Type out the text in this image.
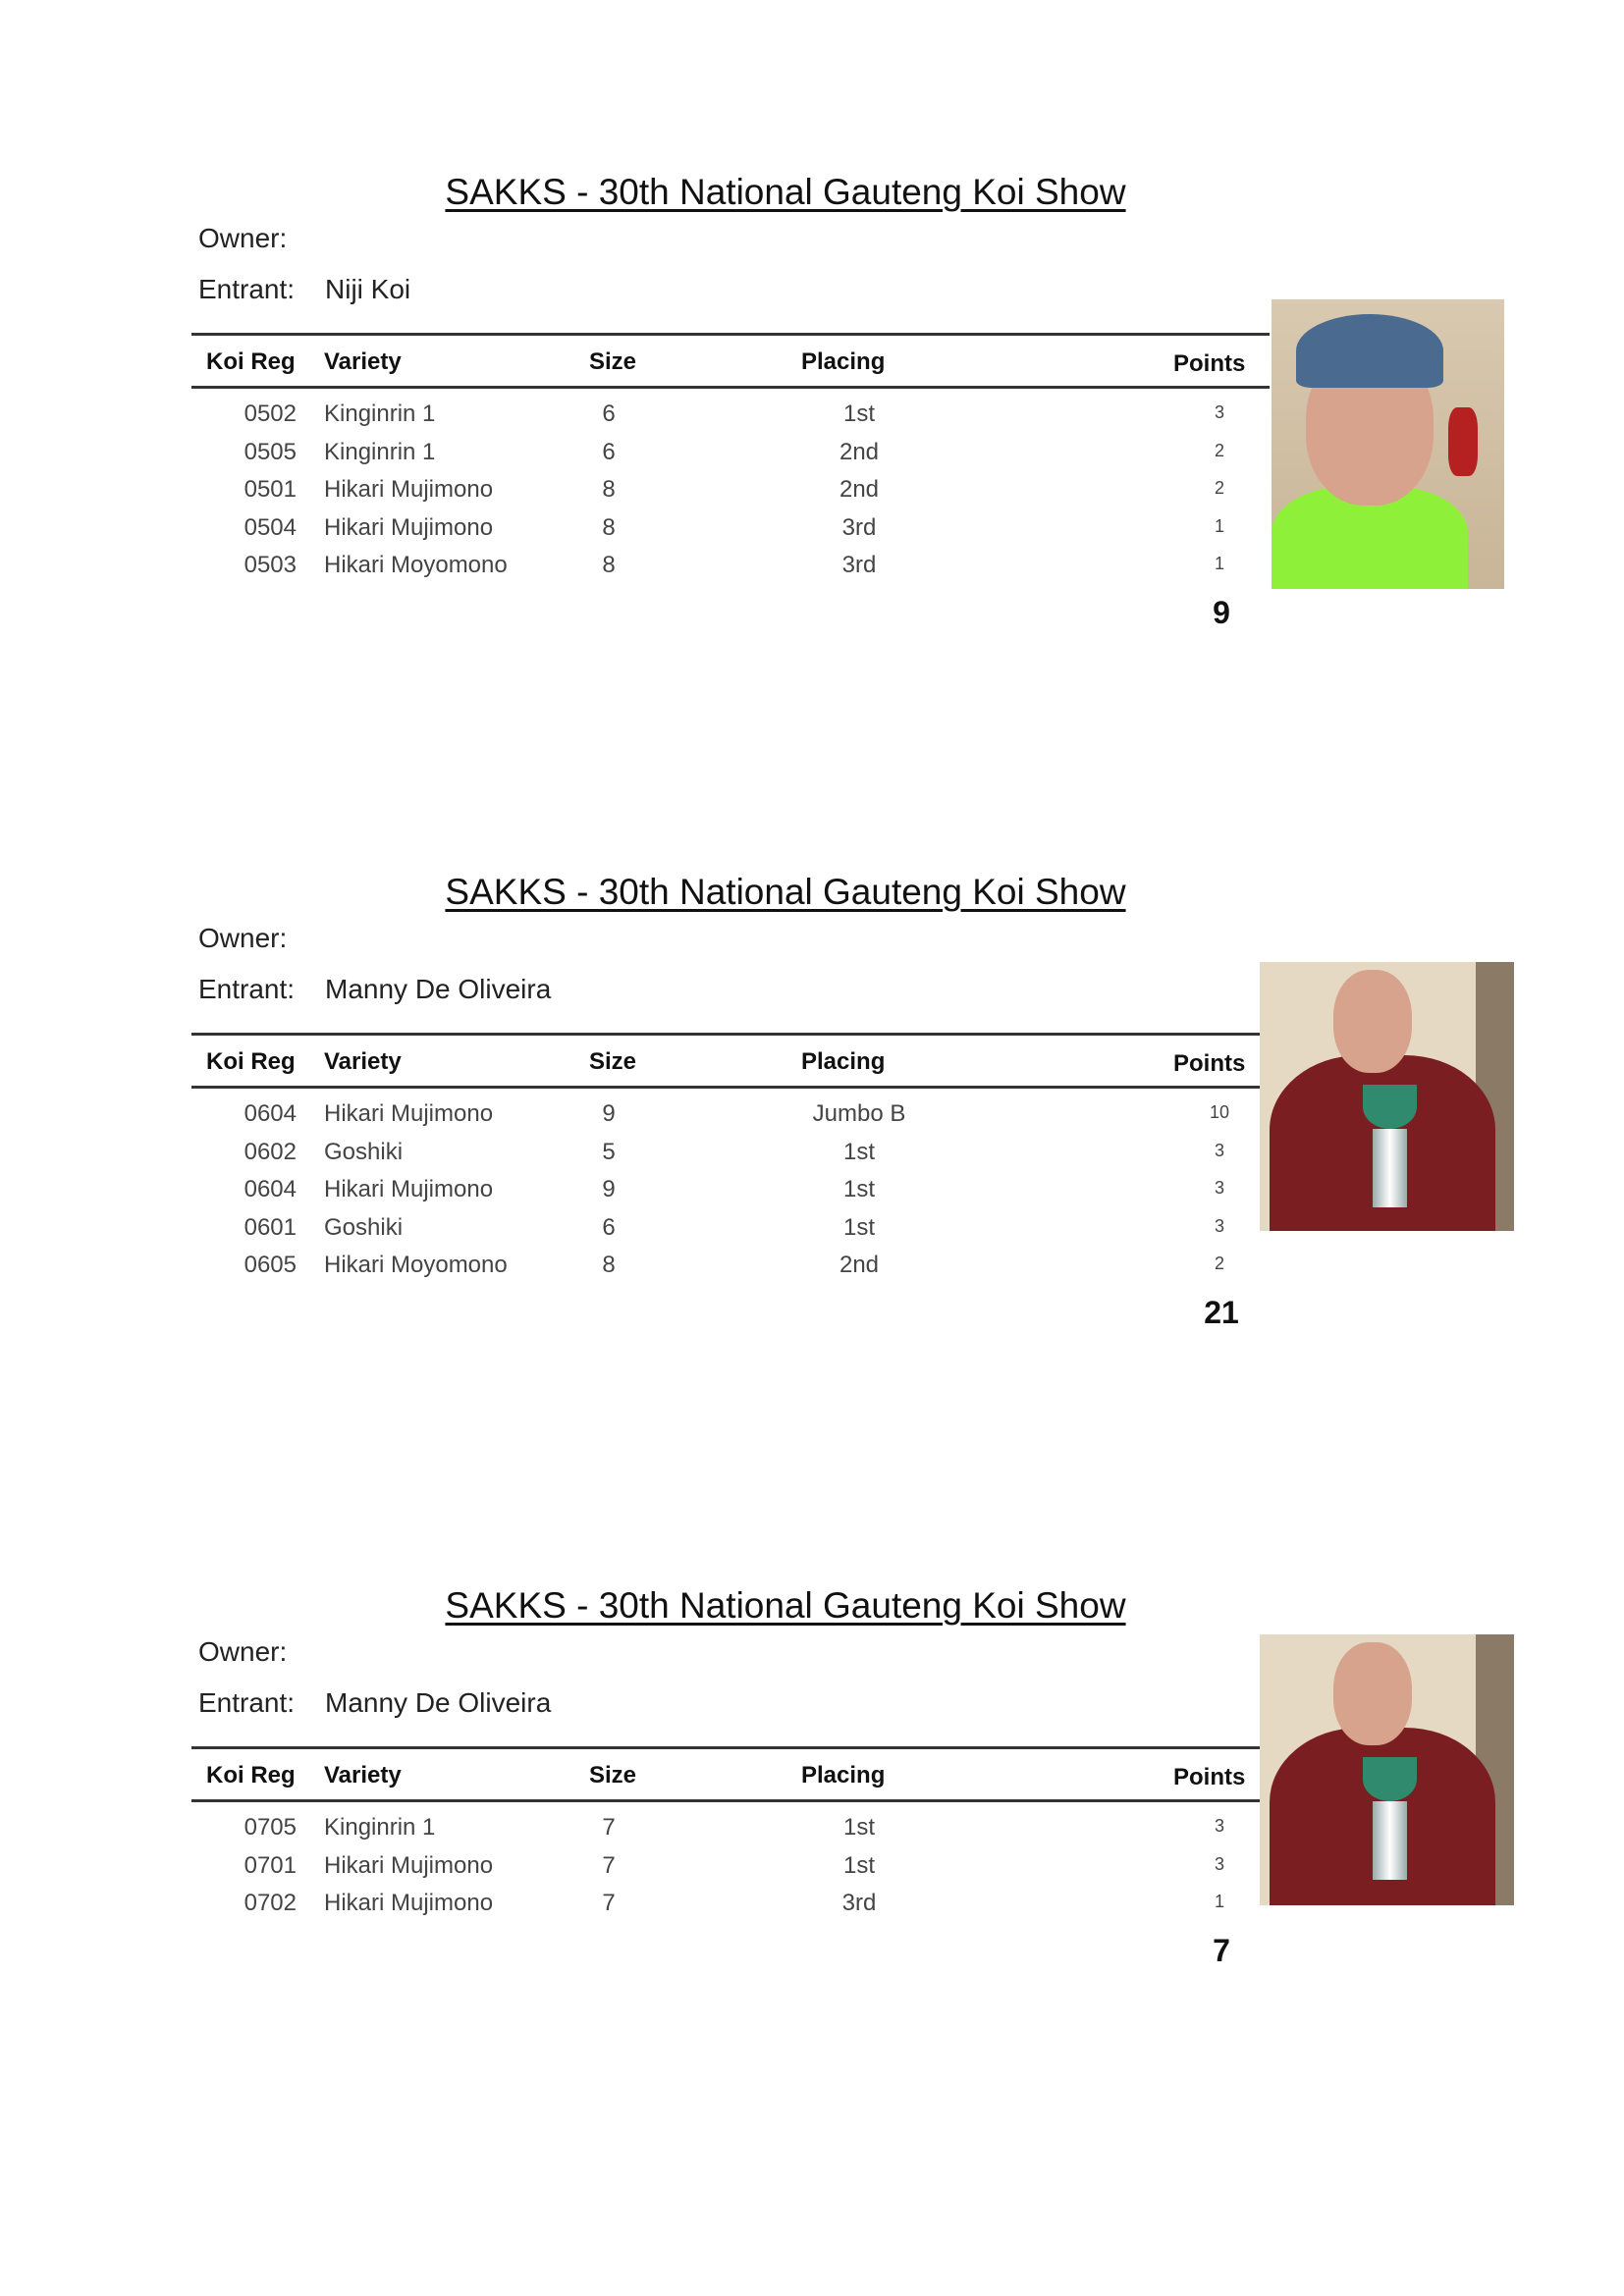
SAKKS - 30th National Gauteng Koi Show
Owner:
Entrant: Niji Koi
Koi Reg Variety	Size	Placing	Points
0502 Kinginrin 1	6	1st	3
0505 Kinginrin 1	6	2nd	2
0501 Hikari Mujimono	8	2nd	2
0504 Hikari Mujimono	8	3rd	1
0503 Hikari Moyomono	8	3rd	1
9
SAKKS - 30th National Gauteng Koi Show
Owner:
Entrant: Manny De Oliveira
Koi Reg Variety	Size	Placing	Points
0604 Hikari Mujimono	9	Jumbo B	10
0602 Goshiki	5	1st	3
0604 Hikari Mujimono	9	1st	3
0601 Goshiki	6	1st	3
0605 Hikari Moyomono	8	2nd	2
21
SAKKS - 30th National Gauteng Koi Show
Owner:
Entrant: Manny De Oliveira
Koi Reg Variety	Size	Placing	Points
0705 Kinginrin 1	7	1st	3
0701 Hikari Mujimono	7	1st	3
0702 Hikari Mujimono	7	3rd	1
7
